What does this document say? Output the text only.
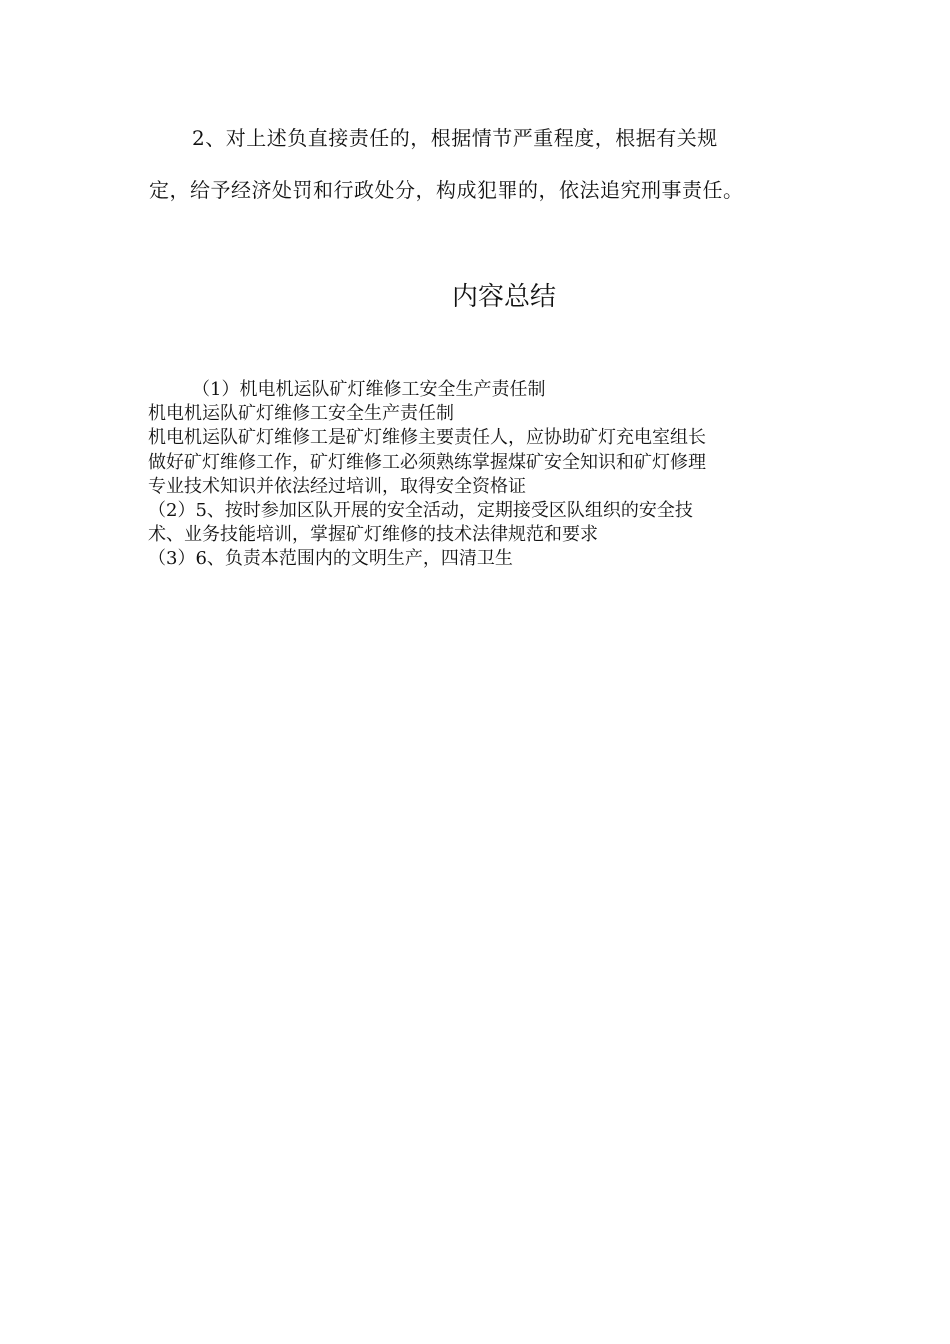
2、对上述负直接责任的，根据情节严重程度，根据有关规
定，给予经济处罚和行政处分，构成犯罪的，依法追究刑事责任。
内容总结
（1）机电机运队矿灯维修工安全生产责任制
机电机运队矿灯维修工安全生产责任制
机电机运队矿灯维修工是矿灯维修主要责任人，应协助矿灯充电室组长
做好矿灯维修工作，矿灯维修工必须熟练掌握煤矿安全知识和矿灯修理
专业技术知识并依法经过培训，取得安全资格证
（2）5、按时参加区队开展的安全活动，定期接受区队组织的安全技
术、业务技能培训，掌握矿灯维修的技术法律规范和要求
（3）6、负责本范围内的文明生产，四清卫生
